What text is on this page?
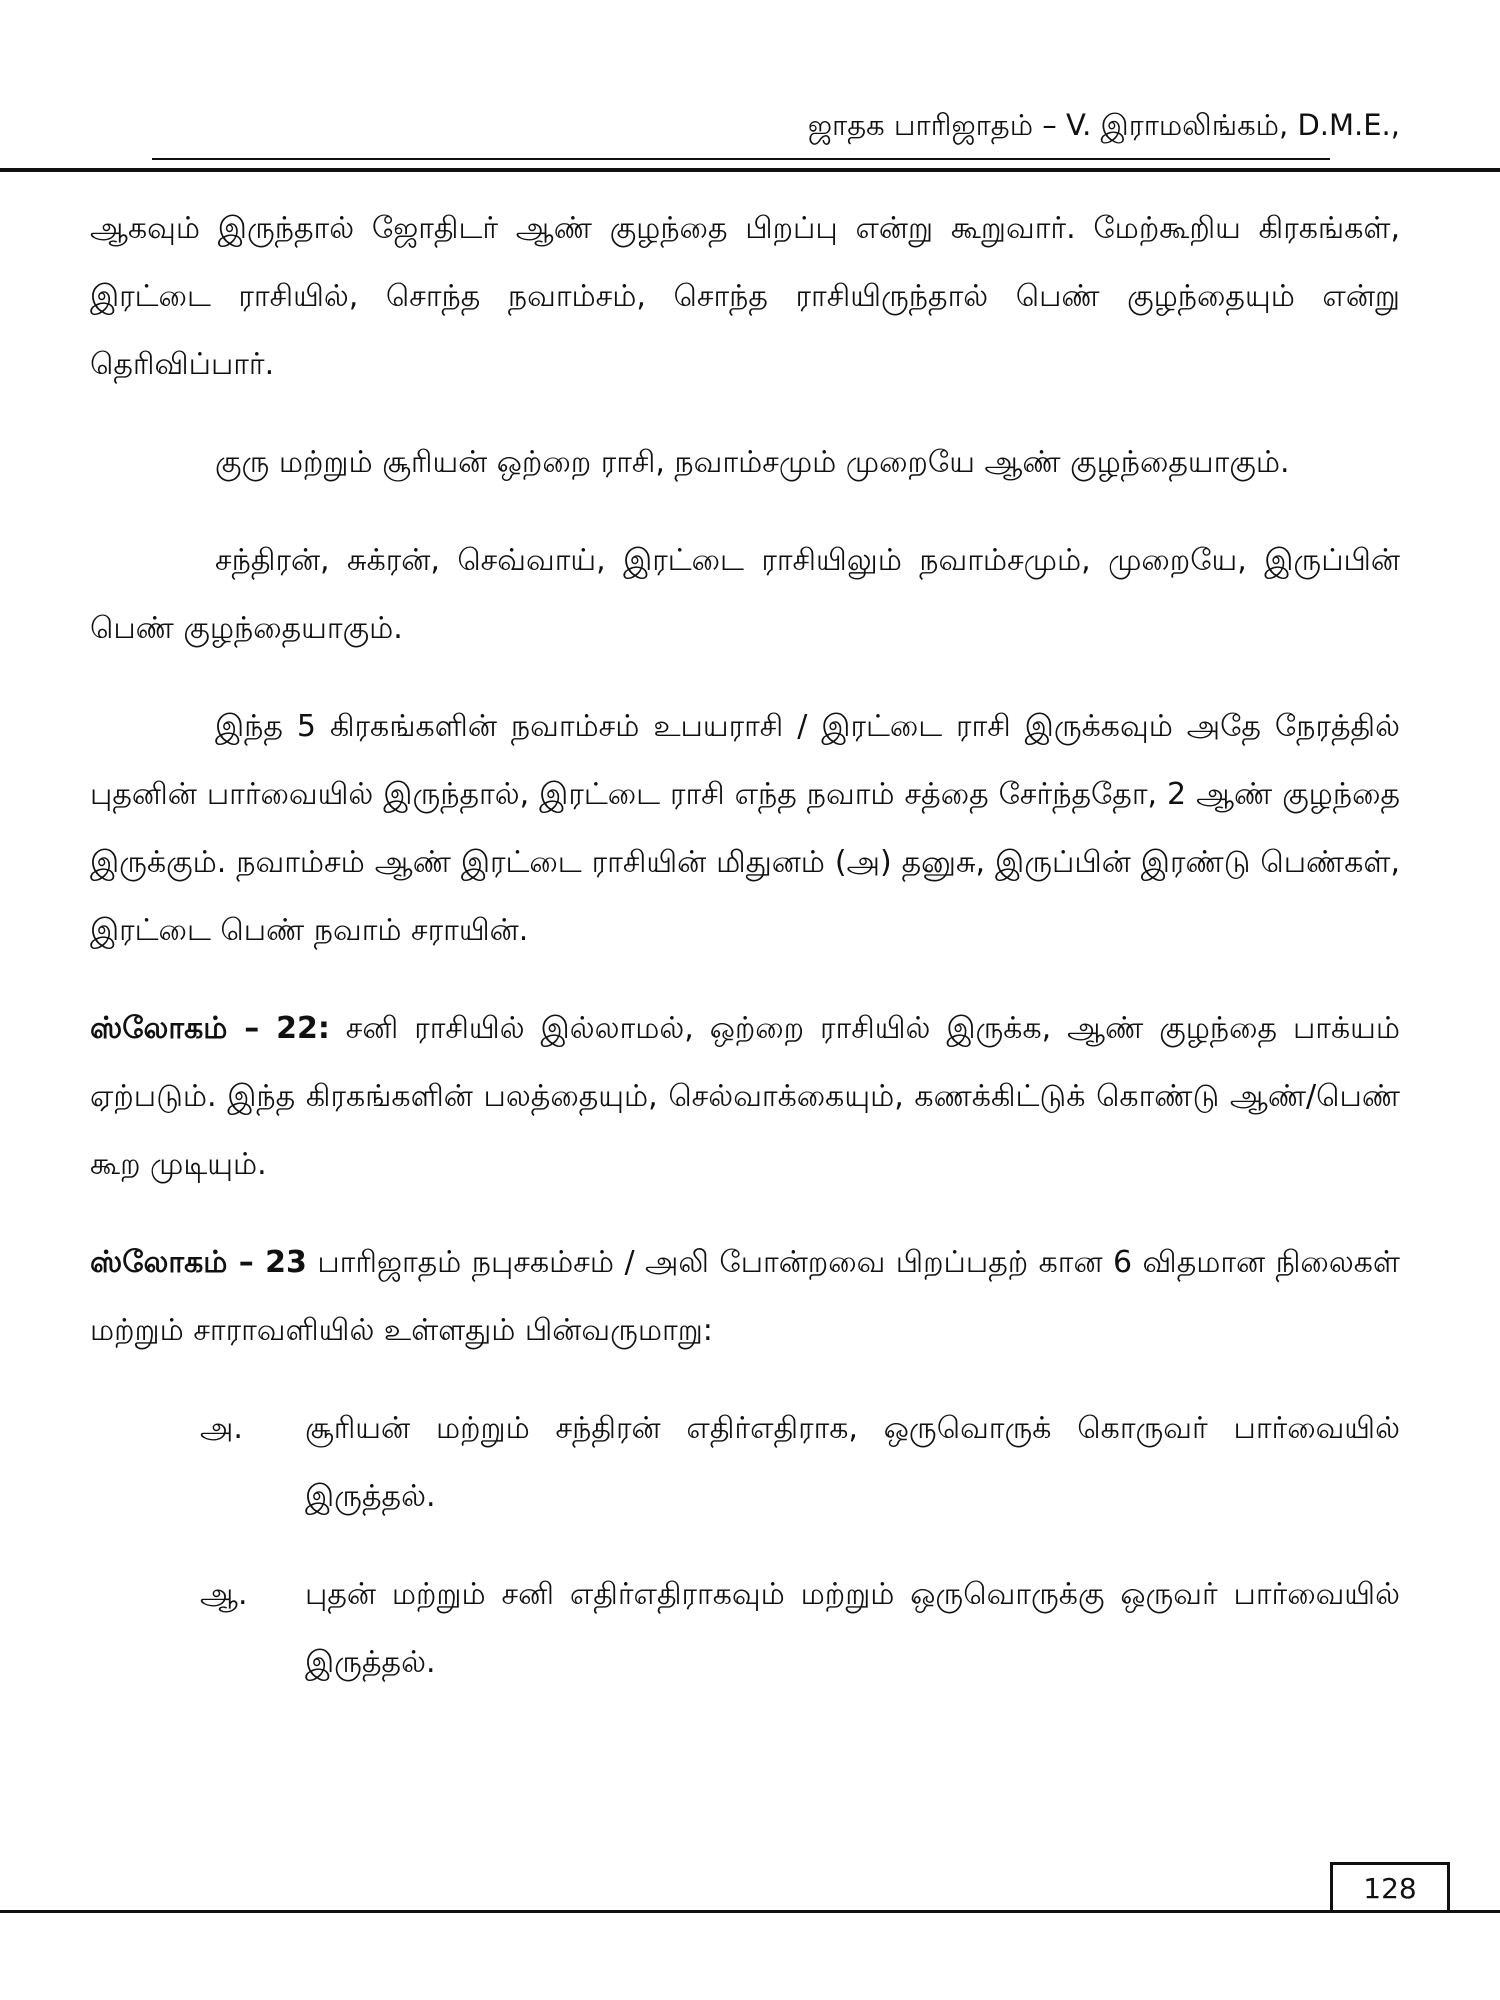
ஜாதக பாரிஜாதம் – V. இராமலிங்கம், D.M.E.,

ஆகவும் இருந்தால் ஜோதிடர் ஆண் குழந்தை பிறப்பு என்று கூறுவார். மேற்கூறிய கிரகங்கள், இரட்டை ராசியில், சொந்த நவாம்சம், சொந்த ராசியிருந்தால் பெண் குழந்தையும் என்று தெரிவிப்பார்.

குரு மற்றும் சூரியன் ஒற்றை ராசி, நவாம்சமும் முறையே ஆண் குழந்தையாகும்.

சந்திரன், சுக்ரன், செவ்வாய், இரட்டை ராசியிலும் நவாம்சமும், முறையே, இருப்பின் பெண் குழந்தையாகும்.

இந்த 5 கிரகங்களின் நவாம்சம் உபயராசி / இரட்டை ராசி இருக்கவும் அதே நேரத்தில் புதனின் பார்வையில் இருந்தால், இரட்டை ராசி எந்த நவாம் சத்தை சேர்ந்ததோ, 2 ஆண் குழந்தை இருக்கும். நவாம்சம் ஆண் இரட்டை ராசியின் மிதுனம் (அ) தனுசு, இருப்பின் இரண்டு பெண்கள், இரட்டை பெண் நவாம் சராயின்.

ஸ்லோகம் – 22: சனி ராசியில் இல்லாமல், ஒற்றை ராசியில் இருக்க, ஆண் குழந்தை பாக்யம் ஏற்படும். இந்த கிரகங்களின் பலத்தையும், செல்வாக்கையும், கணக்கிட்டுக் கொண்டு ஆண்/பெண் கூற முடியும்.

ஸ்லோகம் – 23 பாரிஜாதம் நபுசகம்சம் / அலி போன்றவை பிறப்பதற் கான 6 விதமான நிலைகள் மற்றும் சாராவளியில் உள்ளதும் பின்வருமாறு:

அ. சூரியன் மற்றும் சந்திரன் எதிர்எதிராக, ஒருவொருக் கொருவர் பார்வையில் இருத்தல்.
ஆ. புதன் மற்றும் சனி எதிர்எதிராகவும் மற்றும் ஒருவொருக்கு ஒருவர் பார்வையில் இருத்தல்.
128
